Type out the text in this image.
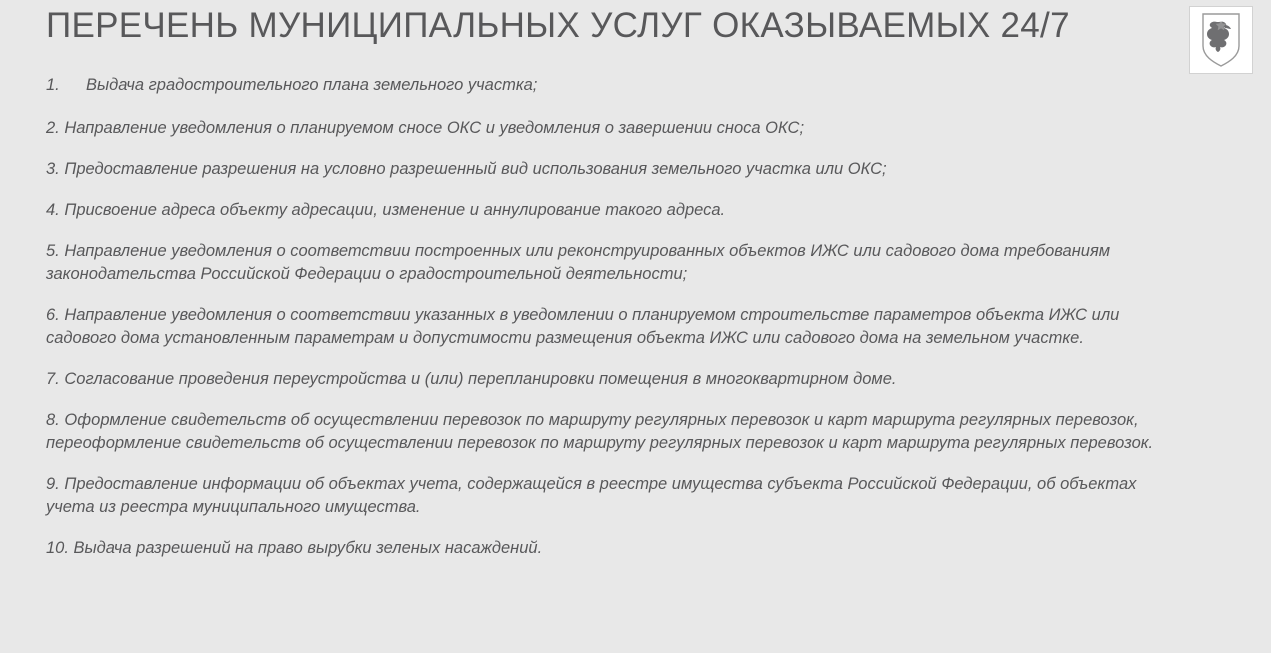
ПЕРЕЧЕНЬ МУНИЦИПАЛЬНЫХ УСЛУГ ОКАЗЫВАЕМЫХ 24/7
1. Выдача градостроительного плана земельного участка;
2. Направление уведомления о планируемом сносе ОКС и уведомления о завершении сноса ОКС;
3. Предоставление разрешения на условно разрешенный вид использования земельного участка или ОКС;
4. Присвоение адреса объекту адресации, изменение и аннулирование такого адреса.
5. Направление уведомления о соответствии построенных или реконструированных объектов ИЖС или садового дома требованиям законодательства Российской Федерации о градостроительной деятельности;
6. Направление уведомления о соответствии указанных в уведомлении о планируемом строительстве параметров объекта ИЖС или садового дома установленным параметрам и допустимости размещения объекта ИЖС или садового дома на земельном участке.
7. Согласование проведения переустройства и (или) перепланировки помещения в многоквартирном доме.
8. Оформление свидетельств об осуществлении перевозок по маршруту регулярных перевозок и карт маршрута регулярных перевозок, переоформление свидетельств об осуществлении перевозок по маршруту регулярных перевозок и карт маршрута регулярных перевозок.
9. Предоставление информации об объектах учета, содержащейся в реестре имущества субъекта Российской Федерации, об объектах учета из реестра муниципального имущества.
10. Выдача разрешений на право вырубки зеленых насаждений.
